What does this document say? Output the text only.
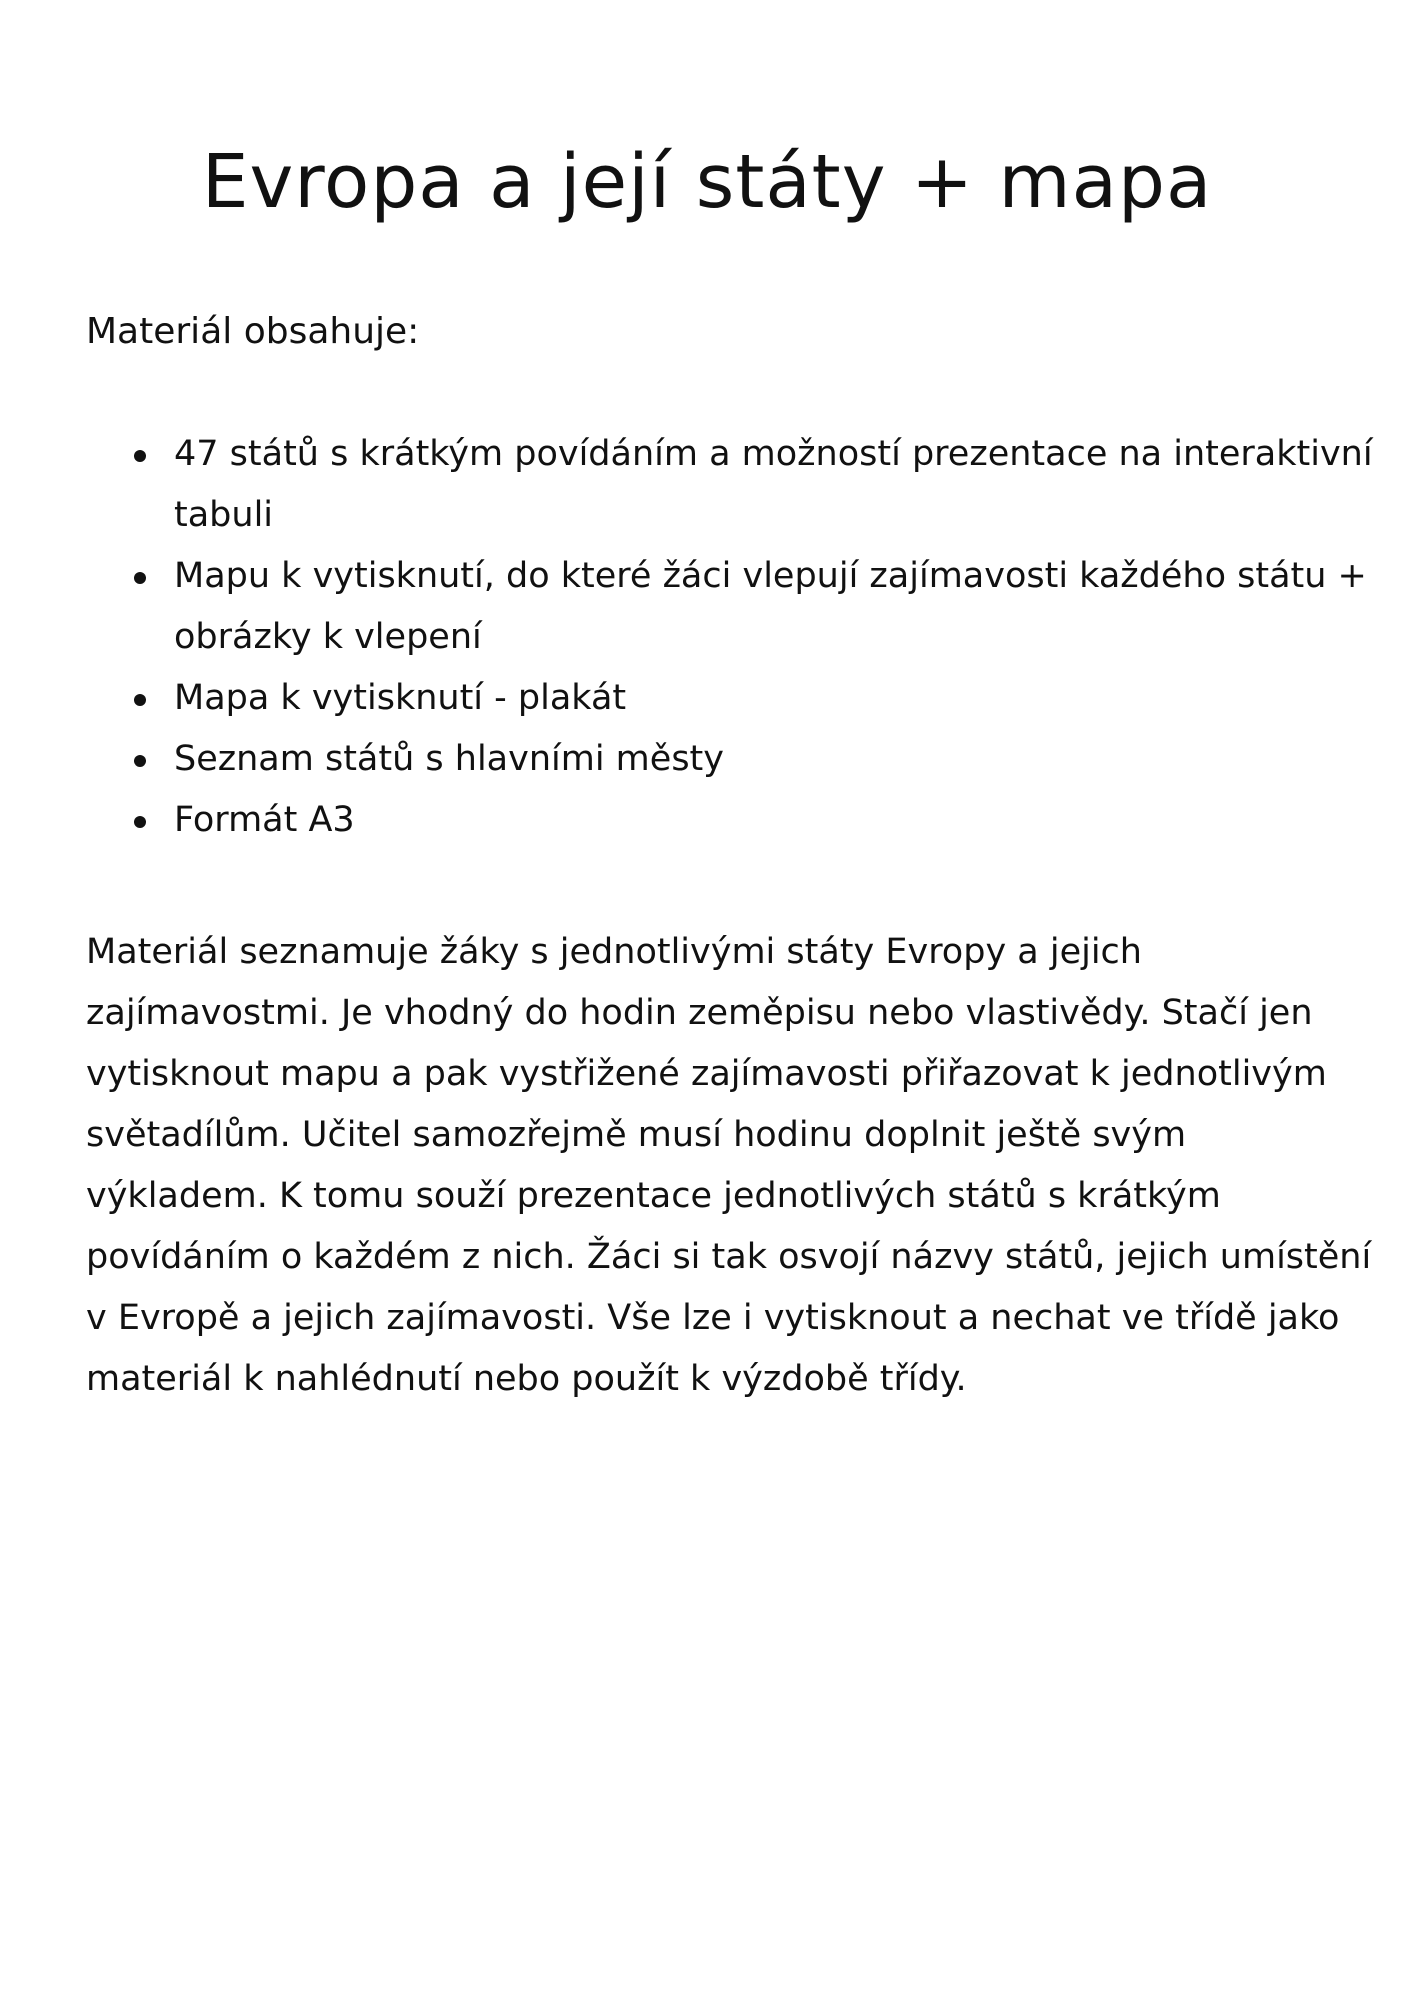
Evropa a její státy + mapa

Materiál obsahuje:

47 států s krátkým povídáním a možností prezentace na interaktivní tabuli
Mapu k vytisknutí, do které žáci vlepují zajímavosti každého státu + obrázky k vlepení
Mapa k vytisknutí - plakát
Seznam států s hlavními městy
Formát A3

Materiál seznamuje žáky s jednotlivými státy Evropy a jejich zajímavostmi. Je vhodný do hodin zeměpisu nebo vlastivědy. Stačí jen vytisknout mapu a pak vystřižené zajímavosti přiřazovat k jednotlivým světadílům. Učitel samozřejmě musí hodinu doplnit ještě svým výkladem. K tomu souží prezentace jednotlivých států s krátkým povídáním o každém z nich. Žáci si tak osvojí názvy států, jejich umístění v Evropě a jejich zajímavosti. Vše lze i vytisknout a nechat ve třídě jako materiál k nahlédnutí nebo použít k výzdobě třídy.
